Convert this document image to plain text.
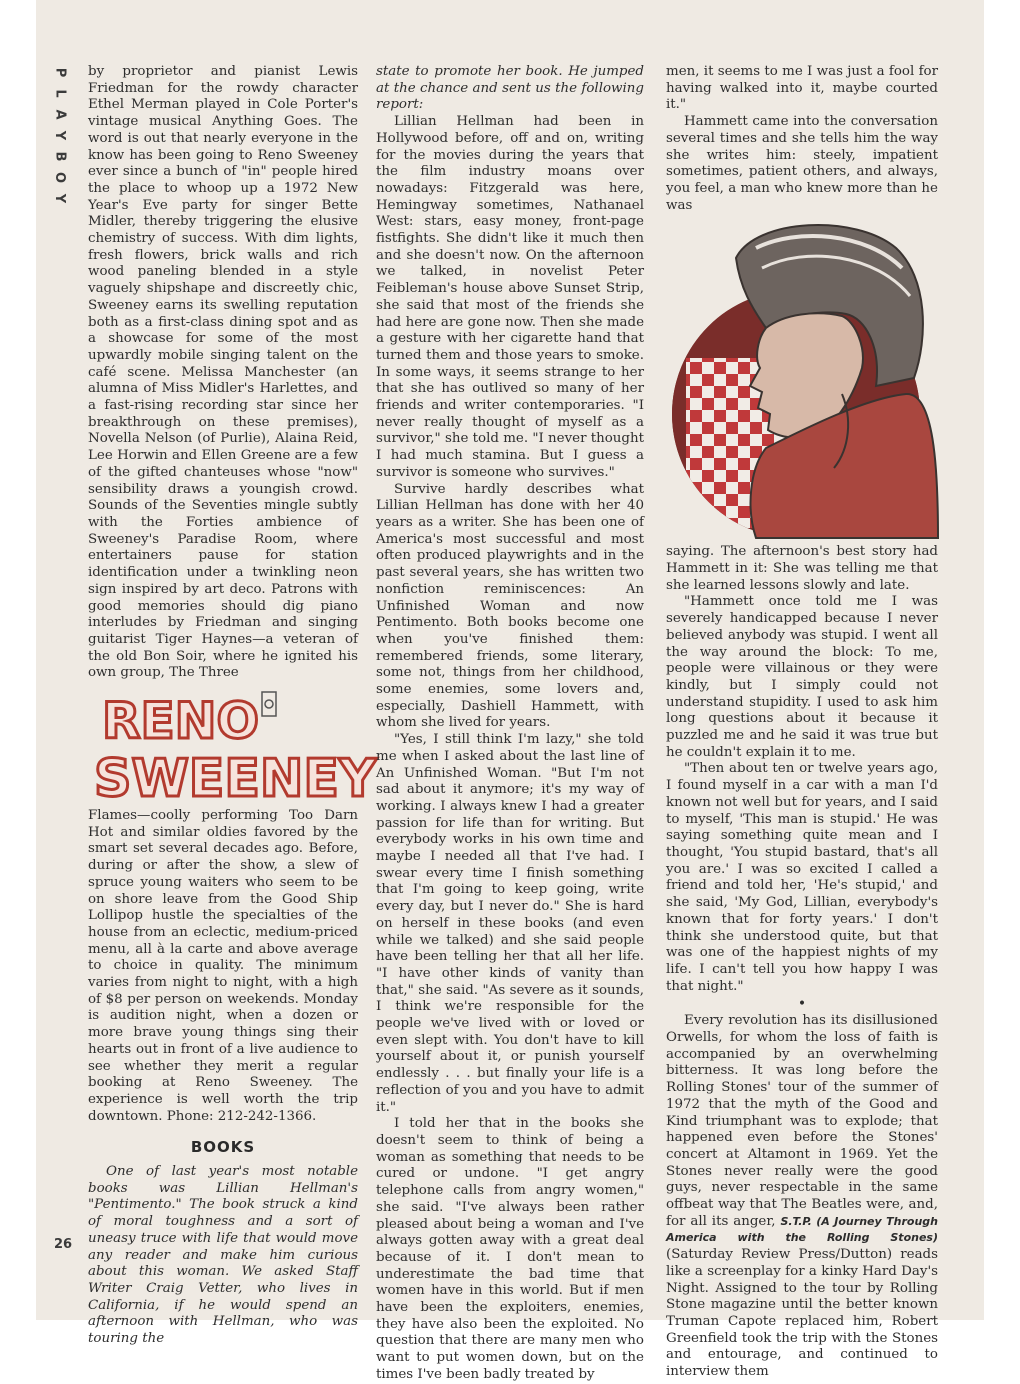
P
L
A
Y
B
O
Y

by proprietor and pianist Lewis Friedman for the rowdy character Ethel Merman played in Cole Porter's vintage musical Anything Goes. The word is out that nearly everyone in the know has been going to Reno Sweeney ever since a bunch of "in" people hired the place to whoop up a 1972 New Year's Eve party for singer Bette Midler, thereby triggering the elusive chemistry of success. With dim lights, fresh flowers, brick walls and rich wood paneling blended in a style vaguely shipshape and discreetly chic, Sweeney earns its swelling reputation both as a first-class dining spot and as a showcase for some of the most upwardly mobile singing talent on the café scene. Melissa Manchester (an alumna of Miss Midler's Harlettes, and a fast-rising recording star since her breakthrough on these premises), Novella Nelson (of Purlie), Alaina Reid, Lee Horwin and Ellen Greene are a few of the gifted chanteuses whose "now" sensibility draws a youngish crowd. Sounds of the Seventies mingle subtly with the Forties ambience of Sweeney's Paradise Room, where entertainers pause for station identification under a twinkling neon sign inspired by art deco. Patrons with good memories should dig piano interludes by Friedman and singing guitarist Tiger Haynes—a veteran of the old Bon Soir, where he ignited his own group, The Three

RENO
SWEENEY

Flames—coolly performing Too Darn Hot and similar oldies favored by the smart set several decades ago. Before, during or after the show, a slew of spruce young waiters who seem to be on shore leave from the Good Ship Lollipop hustle the specialties of the house from an eclectic, medium-priced menu, all à la carte and above average to choice in quality. The minimum varies from night to night, with a high of $8 per person on weekends. Monday is audition night, when a dozen or more brave young things sing their hearts out in front of a live audience to see whether they merit a regular booking at Reno Sweeney. The experience is well worth the trip downtown. Phone: 212-242-1366.

BOOKS

One of last year's most notable books was Lillian Hellman's "Pentimento." The book struck a kind of moral toughness and a sort of uneasy truce with life that would move any reader and make him curious about this woman. We asked Staff Writer Craig Vetter, who lives in California, if he would spend an afternoon with Hellman, who was touring the

state to promote her book. He jumped at the chance and sent us the following report:

Lillian Hellman had been in Hollywood before, off and on, writing for the movies during the years that the film industry moans over nowadays: Fitzgerald was here, Hemingway sometimes, Nathanael West: stars, easy money, front-page fistfights. She didn't like it much then and she doesn't now. On the afternoon we talked, in novelist Peter Feibleman's house above Sunset Strip, she said that most of the friends she had here are gone now. Then she made a gesture with her cigarette hand that turned them and those years to smoke. In some ways, it seems strange to her that she has outlived so many of her friends and writer contemporaries. "I never really thought of myself as a survivor," she told me. "I never thought I had much stamina. But I guess a survivor is someone who survives."

Survive hardly describes what Lillian Hellman has done with her 40 years as a writer. She has been one of America's most successful and most often produced playwrights and in the past several years, she has written two nonfiction reminiscences: An Unfinished Woman and now Pentimento. Both books become one when you've finished them: remembered friends, some literary, some not, things from her childhood, some enemies, some lovers and, especially, Dashiell Hammett, with whom she lived for years.

"Yes, I still think I'm lazy," she told me when I asked about the last line of An Unfinished Woman. "But I'm not sad about it anymore; it's my way of working. I always knew I had a greater passion for life than for writing. But everybody works in his own time and maybe I needed all that I've had. I swear every time I finish something that I'm going to keep going, write every day, but I never do." She is hard on herself in these books (and even while we talked) and she said people have been telling her that all her life. "I have other kinds of vanity than that," she said. "As severe as it sounds, I think we're responsible for the people we've lived with or loved or even slept with. You don't have to kill yourself about it, or punish yourself endlessly . . . but finally your life is a reflection of you and you have to admit it."

I told her that in the books she doesn't seem to think of being a woman as something that needs to be cured or undone. "I get angry telephone calls from angry women," she said. "I've always been rather pleased about being a woman and I've always gotten away with a great deal because of it. I don't mean to underestimate the bad time that women have in this world. But if men have been the exploiters, enemies, they have also been the exploited. No question that there are many men who want to put women down, but on the times I've been badly treated by

men, it seems to me I was just a fool for having walked into it, maybe courted it."

Hammett came into the conversation several times and she tells him the way she writes him: steely, impatient sometimes, patient others, and always, you feel, a man who knew more than he was

saying. The afternoon's best story had Hammett in it: She was telling me that she learned lessons slowly and late.

"Hammett once told me I was severely handicapped because I never believed anybody was stupid. I went all the way around the block: To me, people were villainous or they were kindly, but I simply could not understand stupidity. I used to ask him long questions about it because it puzzled me and he said it was true but he couldn't explain it to me.

"Then about ten or twelve years ago, I found myself in a car with a man I'd known not well but for years, and I said to myself, 'This man is stupid.' He was saying something quite mean and I thought, 'You stupid bastard, that's all you are.' I was so excited I called a friend and told her, 'He's stupid,' and she said, 'My God, Lillian, everybody's known that for forty years.' I don't think she understood quite, but that was one of the happiest nights of my life. I can't tell you how happy I was that night."

•

Every revolution has its disillusioned Orwells, for whom the loss of faith is accompanied by an overwhelming bitterness. It was long before the Rolling Stones' tour of the summer of 1972 that the myth of the Good and Kind triumphant was to explode; that happened even before the Stones' concert at Altamont in 1969. Yet the Stones never really were the good guys, never respectable in the same offbeat way that The Beatles were, and, for all its anger, S.T.P. (A Journey Through America with the Rolling Stones) (Saturday Review Press/Dutton) reads like a screenplay for a kinky Hard Day's Night. Assigned to the tour by Rolling Stone magazine until the better known Truman Capote replaced him, Robert Greenfield took the trip with the Stones and entourage, and continued to interview them

26
